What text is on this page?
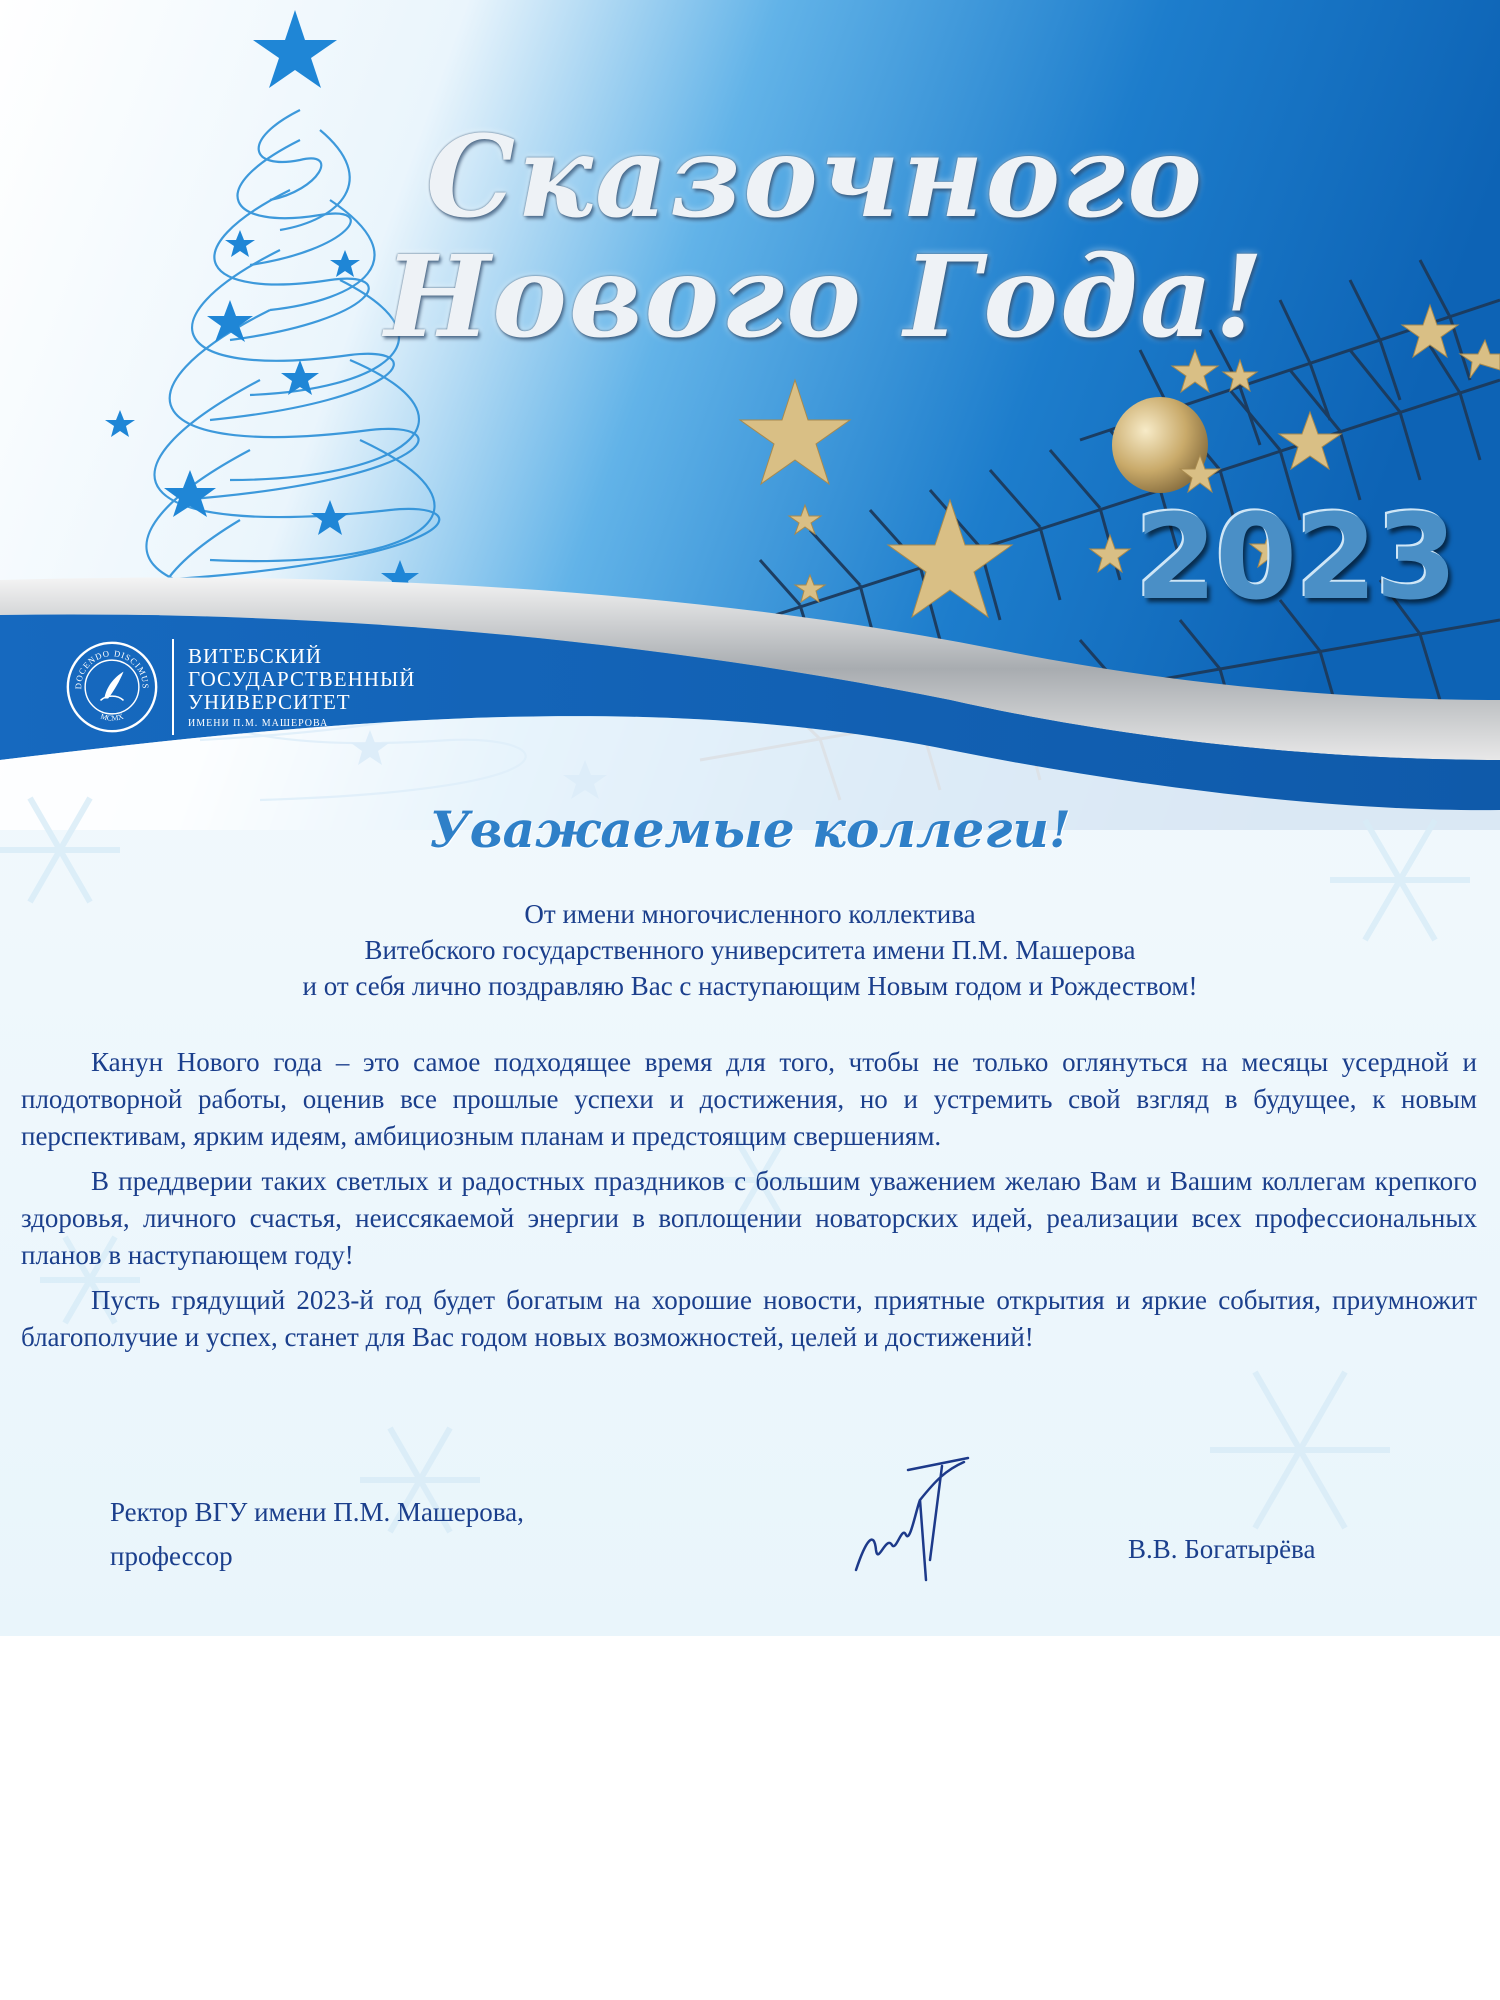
Сказочного
Нового Года!
2023
DOCENDO DISCIMUS
MCMX
ВИТЕБСКИЙ
ГОСУДАРСТВЕННЫЙ
УНИВЕРСИТЕТ
ИМЕНИ П.М. МАШЕРОВА
Уважаемые коллеги!
От имени многочисленного коллектива
Витебского государственного университета имени П.М. Машерова
и от себя лично поздравляю Вас с наступающим Новым годом и Рождеством!

Канун Нового года – это самое подходящее время для того, чтобы не только оглянуться на месяцы усердной и плодотворной работы, оценив все прошлые успехи и достижения, но и устремить свой взгляд в будущее, к новым перспективам, ярким идеям, амбициозным планам и предстоящим свершениям.

В преддверии таких светлых и радостных праздников с большим уважением желаю Вам и Вашим коллегам крепкого здоровья, личного счастья, неиссякаемой энергии в воплощении новаторских идей, реализации всех профессиональных планов в наступающем году!

Пусть грядущий 2023-й год будет богатым на хорошие новости, приятные открытия и яркие события, приумножит благополучие и успех, станет для Вас годом новых возможностей, целей и достижений!

Ректор ВГУ имени П.М. Машерова,
профессор	В.В. Богатырёва
